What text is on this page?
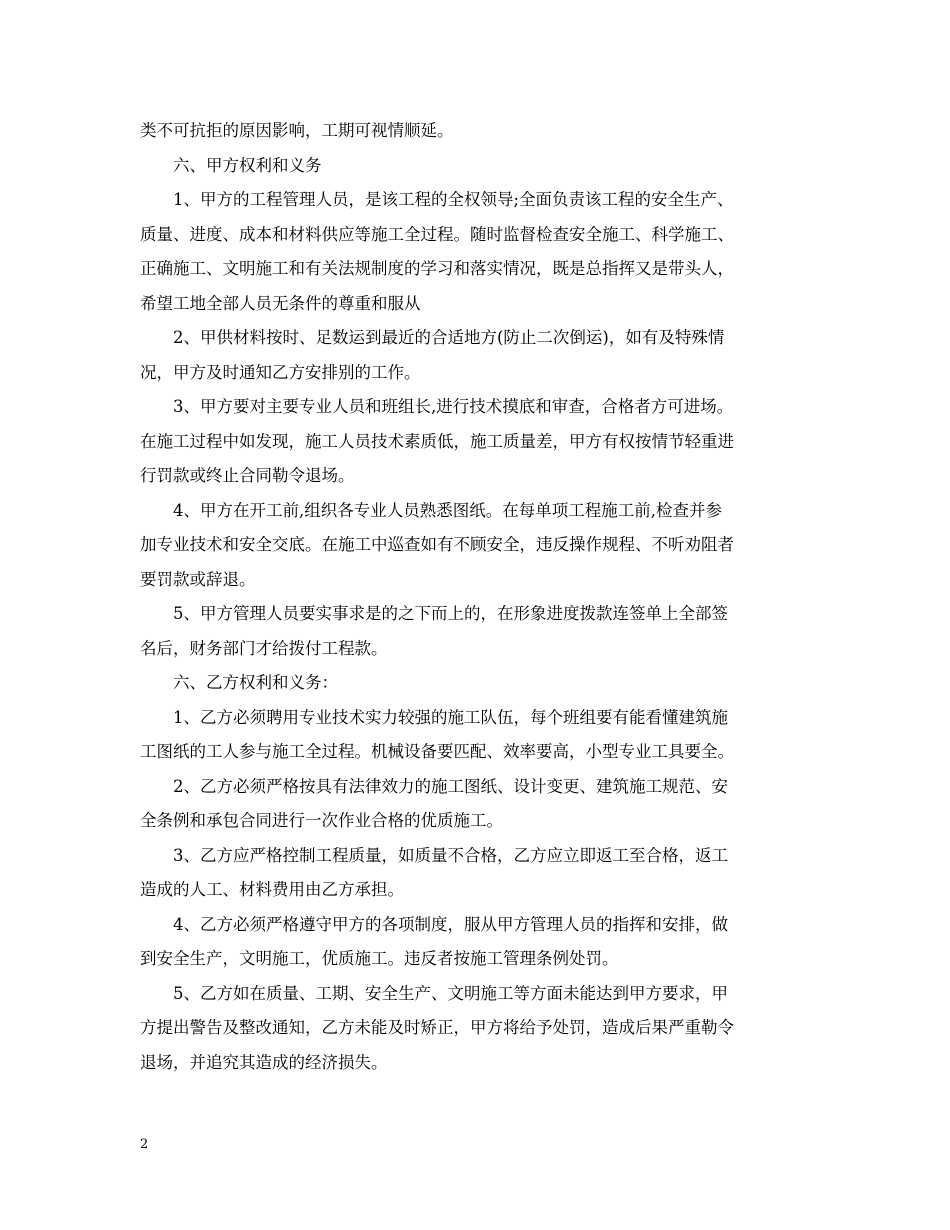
类不可抗拒的原因影响，工期可视情顺延。
六、甲方权利和义务
1、甲方的工程管理人员，是该工程的全权领导;全面负责该工程的安全生产、
质量、进度、成本和材料供应等施工全过程。随时监督检查安全施工、科学施工、
正确施工、文明施工和有关法规制度的学习和落实情况，既是总指挥又是带头人，
希望工地全部人员无条件的尊重和服从
2、甲供材料按时、足数运到最近的合适地方(防止二次倒运)，如有及特殊情
况，甲方及时通知乙方安排别的工作。
3、甲方要对主要专业人员和班组长,进行技术摸底和审查，合格者方可进场。
在施工过程中如发现，施工人员技术素质低，施工质量差，甲方有权按情节轻重进
行罚款或终止合同勒令退场。
4、甲方在开工前,组织各专业人员熟悉图纸。在每单项工程施工前,检查并参
加专业技术和安全交底。在施工中巡查如有不顾安全，违反操作规程、不听劝阻者
要罚款或辞退。
5、甲方管理人员要实事求是的之下而上的，在形象进度拨款连签单上全部签
名后，财务部门才给拨付工程款。
六、乙方权利和义务：
1、乙方必须聘用专业技术实力较强的施工队伍，每个班组要有能看懂建筑施
工图纸的工人参与施工全过程。机械设备要匹配、效率要高，小型专业工具要全。
2、乙方必须严格按具有法律效力的施工图纸、设计变更、建筑施工规范、安
全条例和承包合同进行一次作业合格的优质施工。
3、乙方应严格控制工程质量，如质量不合格，乙方应立即返工至合格，返工
造成的人工、材料费用由乙方承担。
4、乙方必须严格遵守甲方的各项制度，服从甲方管理人员的指挥和安排，做
到安全生产，文明施工，优质施工。违反者按施工管理条例处罚。
5、乙方如在质量、工期、安全生产、文明施工等方面未能达到甲方要求，甲
方提出警告及整改通知，乙方未能及时矫正，甲方将给予处罚，造成后果严重勒令
退场，并追究其造成的经济损失。
2
